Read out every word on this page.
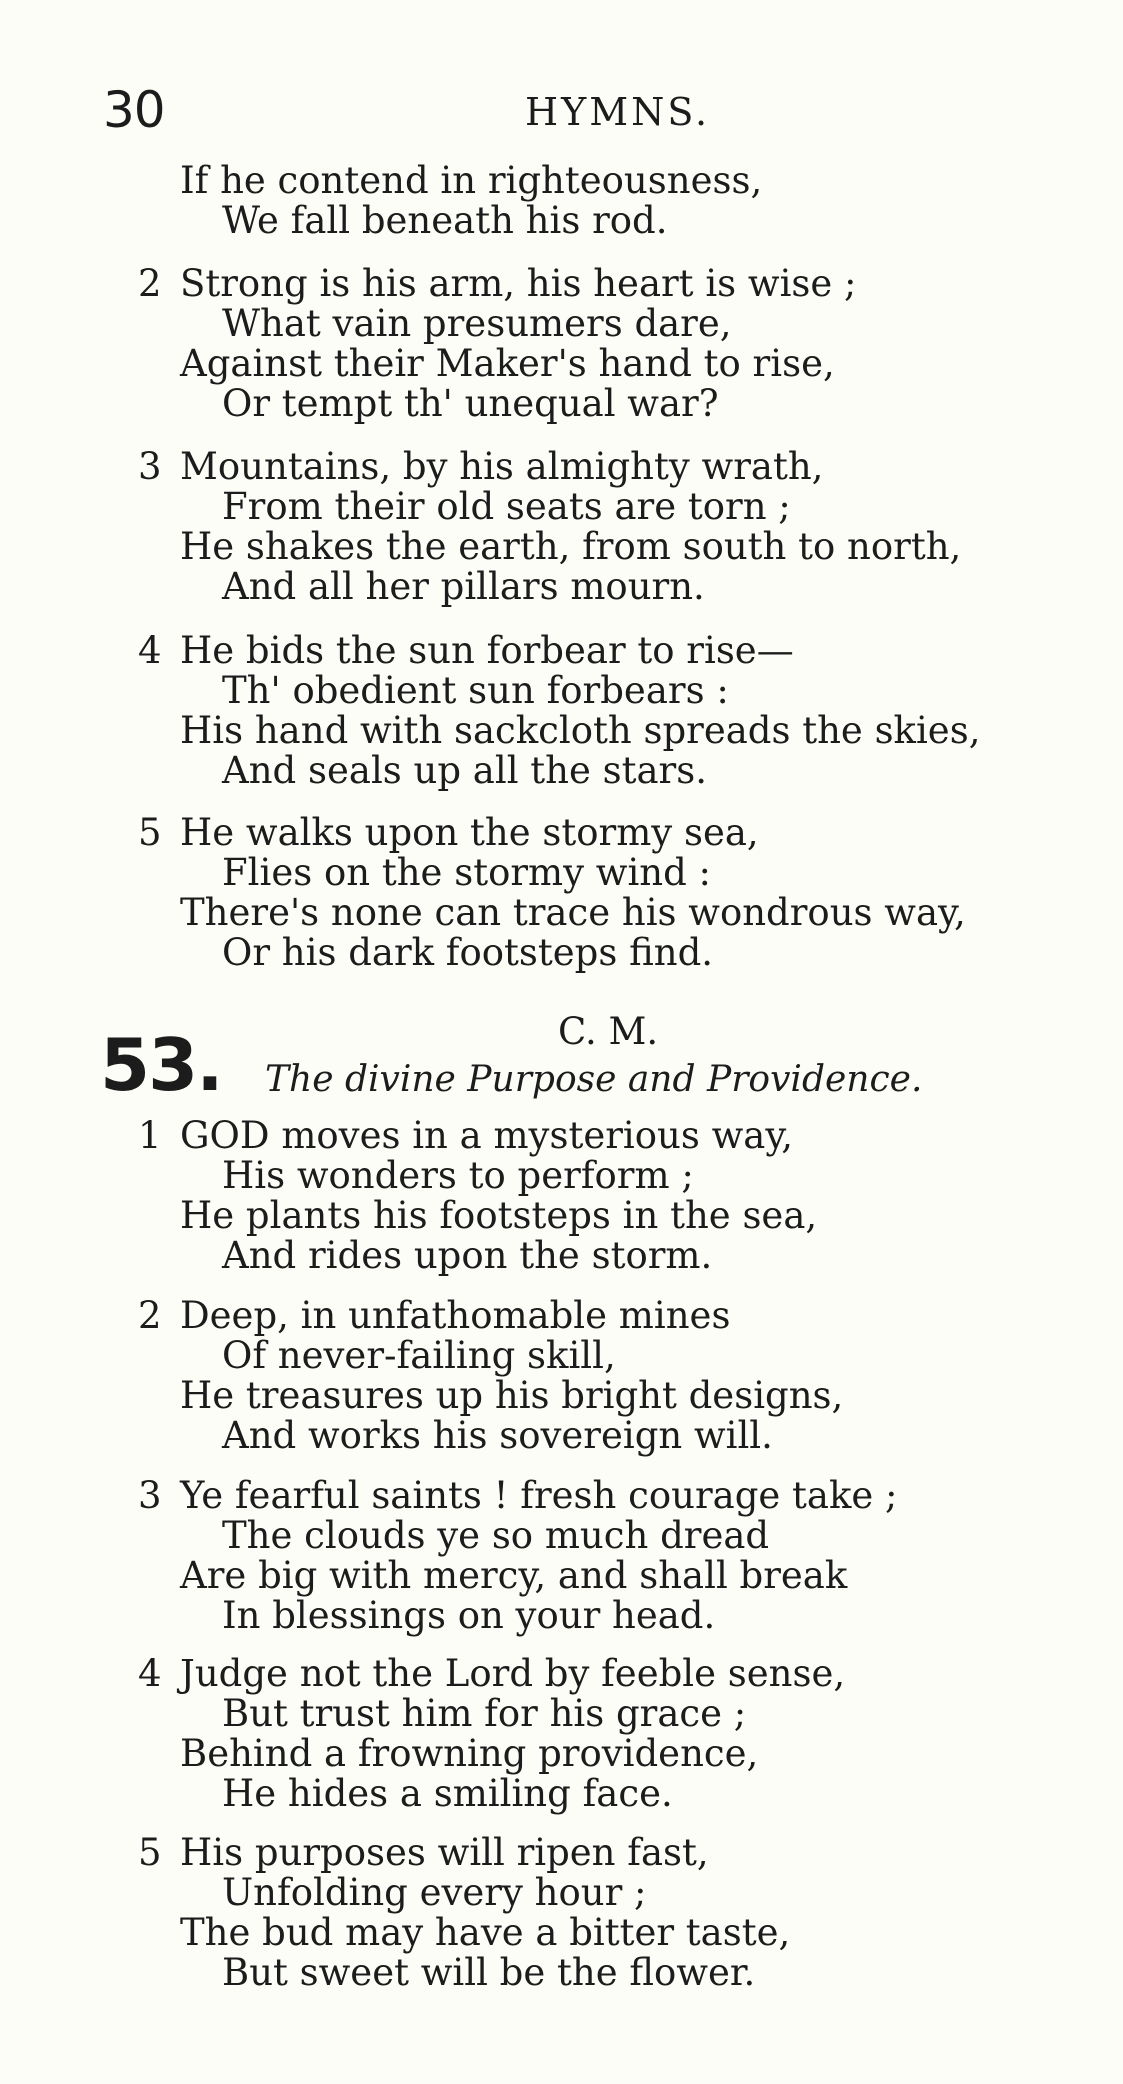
30	HYMNS.
If he contend in righteousness,
We fall beneath his rod.
2 Strong is his arm, his heart is wise ;
What vain presumers dare,
Against their Maker's hand to rise,
Or tempt th' unequal war?
3 Mountains, by his almighty wrath,
From their old seats are torn ;
He shakes the earth, from south to north,
And all her pillars mourn.
4 He bids the sun forbear to rise—
Th' obedient sun forbears :
His hand with sackcloth spreads the skies,
And seals up all the stars.
5 He walks upon the stormy sea,
Flies on the stormy wind :
There's none can trace his wondrous way,
Or his dark footsteps find.
C. M.
53. The divine Purpose and Providence.
1 GOD moves in a mysterious way,
His wonders to perform ;
He plants his footsteps in the sea,
And rides upon the storm.
2 Deep, in unfathomable mines
Of never-failing skill,
He treasures up his bright designs,
And works his sovereign will.
3 Ye fearful saints ! fresh courage take ;
The clouds ye so much dread
Are big with mercy, and shall break
In blessings on your head.
4 Judge not the Lord by feeble sense,
But trust him for his grace ;
Behind a frowning providence,
He hides a smiling face.
5 His purposes will ripen fast,
Unfolding every hour ;
The bud may have a bitter taste,
But sweet will be the flower.
